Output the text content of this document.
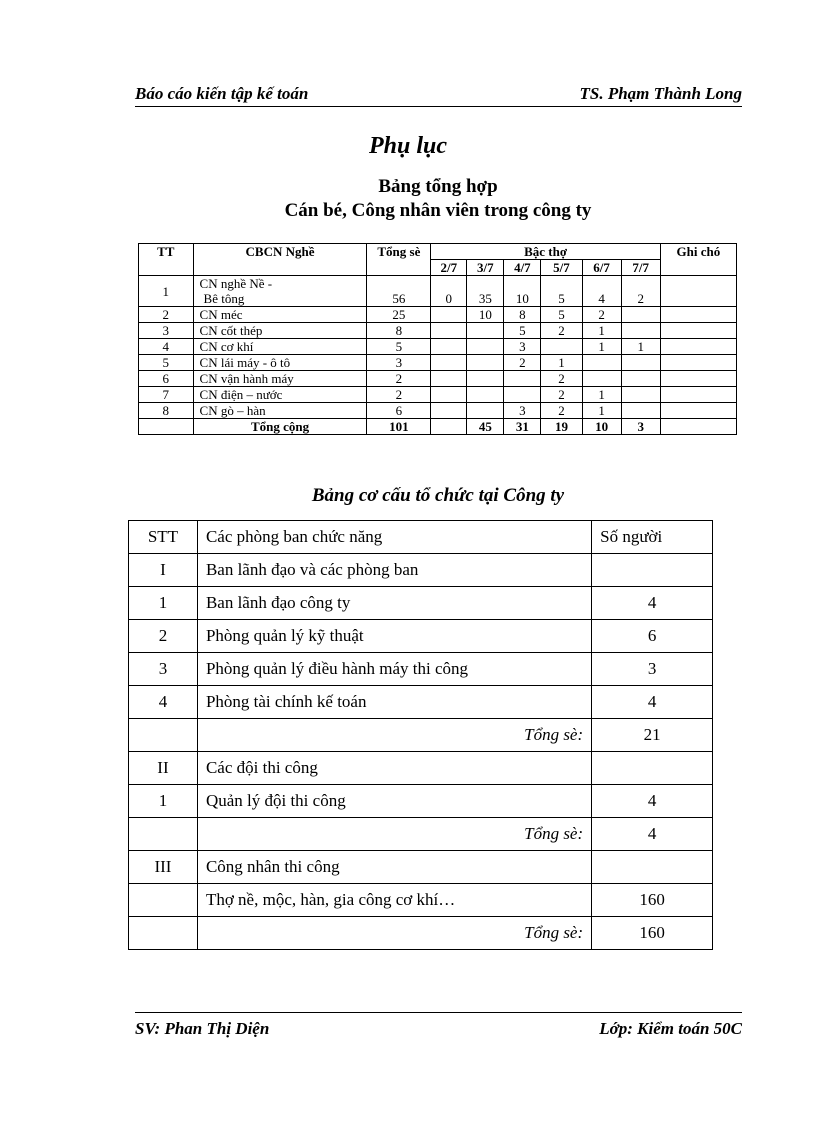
Báo cáo kiến tập kế toán	TS. Phạm Thành Long
Phụ lục
Bảng tổng hợp
Cán bé, Công nhân viên trong công ty
TT	CBCN Nghề	Tổng sè	Bậc thợ						Ghi chó
			2/7	3/7	4/7	5/7	6/7	7/7	
1	CN nghề Nề -
Bê tông	56	0	35	10	5	4	2	
2	CN méc	25		10	8	5	2		
3	CN cốt thép	8			5	2	1		
4	CN cơ khí	5			3		1	1	
5	CN lái máy - ô tô	3			2	1			
6	CN vận hành máy	2				2			
7	CN điện – nước	2				2	1		
8	CN gò – hàn	6			3	2	1		
	Tổng cộng	101		45	31	19	10	3	
Bảng cơ cấu tổ chức tại Công ty
STT	Các phòng ban chức năng	Số người
I	Ban lãnh đạo và các phòng ban	
1	Ban lãnh đạo công ty	4
2	Phòng quản lý kỹ thuật	6
3	Phòng quản lý điều hành máy thi công	3
4	Phòng tài chính kế toán	4
	Tổng sè:	21
II	Các đội thi công	
1	Quản lý đội thi công	4
	Tổng sè:	4
III	Công nhân thi công	
	Thợ nề, mộc, hàn, gia công cơ khí…	160
	Tổng sè:	160
SV: Phan Thị Diện	Lớp: Kiểm toán 50C
